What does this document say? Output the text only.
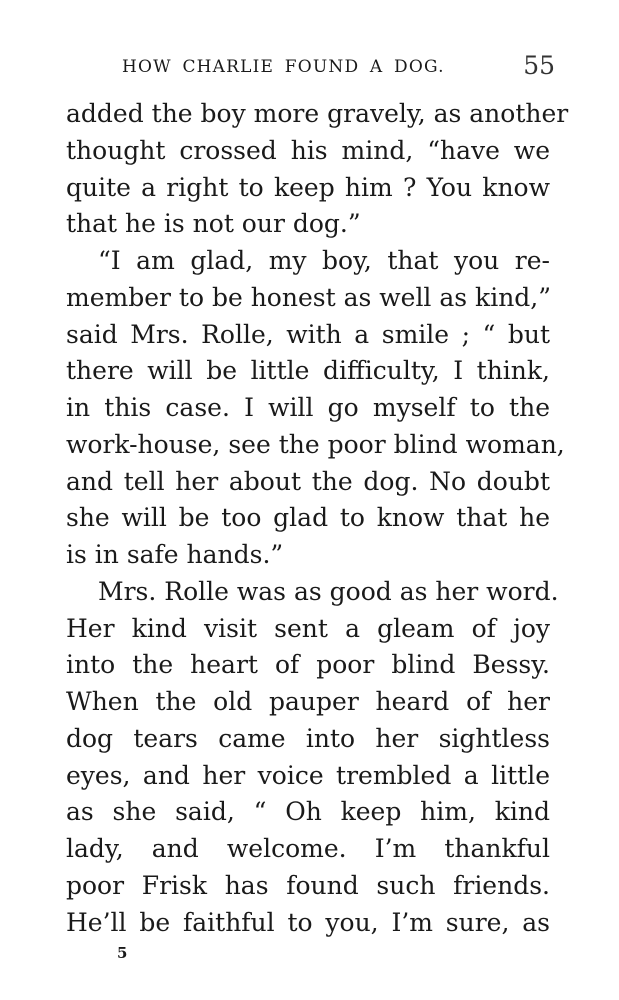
HOW CHARLIE FOUND A DOG.	55
added the boy more gravely, as another
thought crossed his mind, “have we
quite a right to keep him ? You know
that he is not our dog.”
“I am glad, my boy, that you re-
member to be honest as well as kind,”
said Mrs. Rolle, with a smile ; “ but
there will be little difficulty, I think,
in this case. I will go myself to the
work-house, see the poor blind woman,
and tell her about the dog. No doubt
she will be too glad to know that he
is in safe hands.”
Mrs. Rolle was as good as her word.
Her kind visit sent a gleam of joy
into the heart of poor blind Bessy.
When the old pauper heard of her
dog tears came into her sightless
eyes, and her voice trembled a little
as she said, “ Oh keep him, kind
lady, and welcome. I’m thankful
poor Frisk has found such friends.
He’ll be faithful to you, I’m sure, as
5
